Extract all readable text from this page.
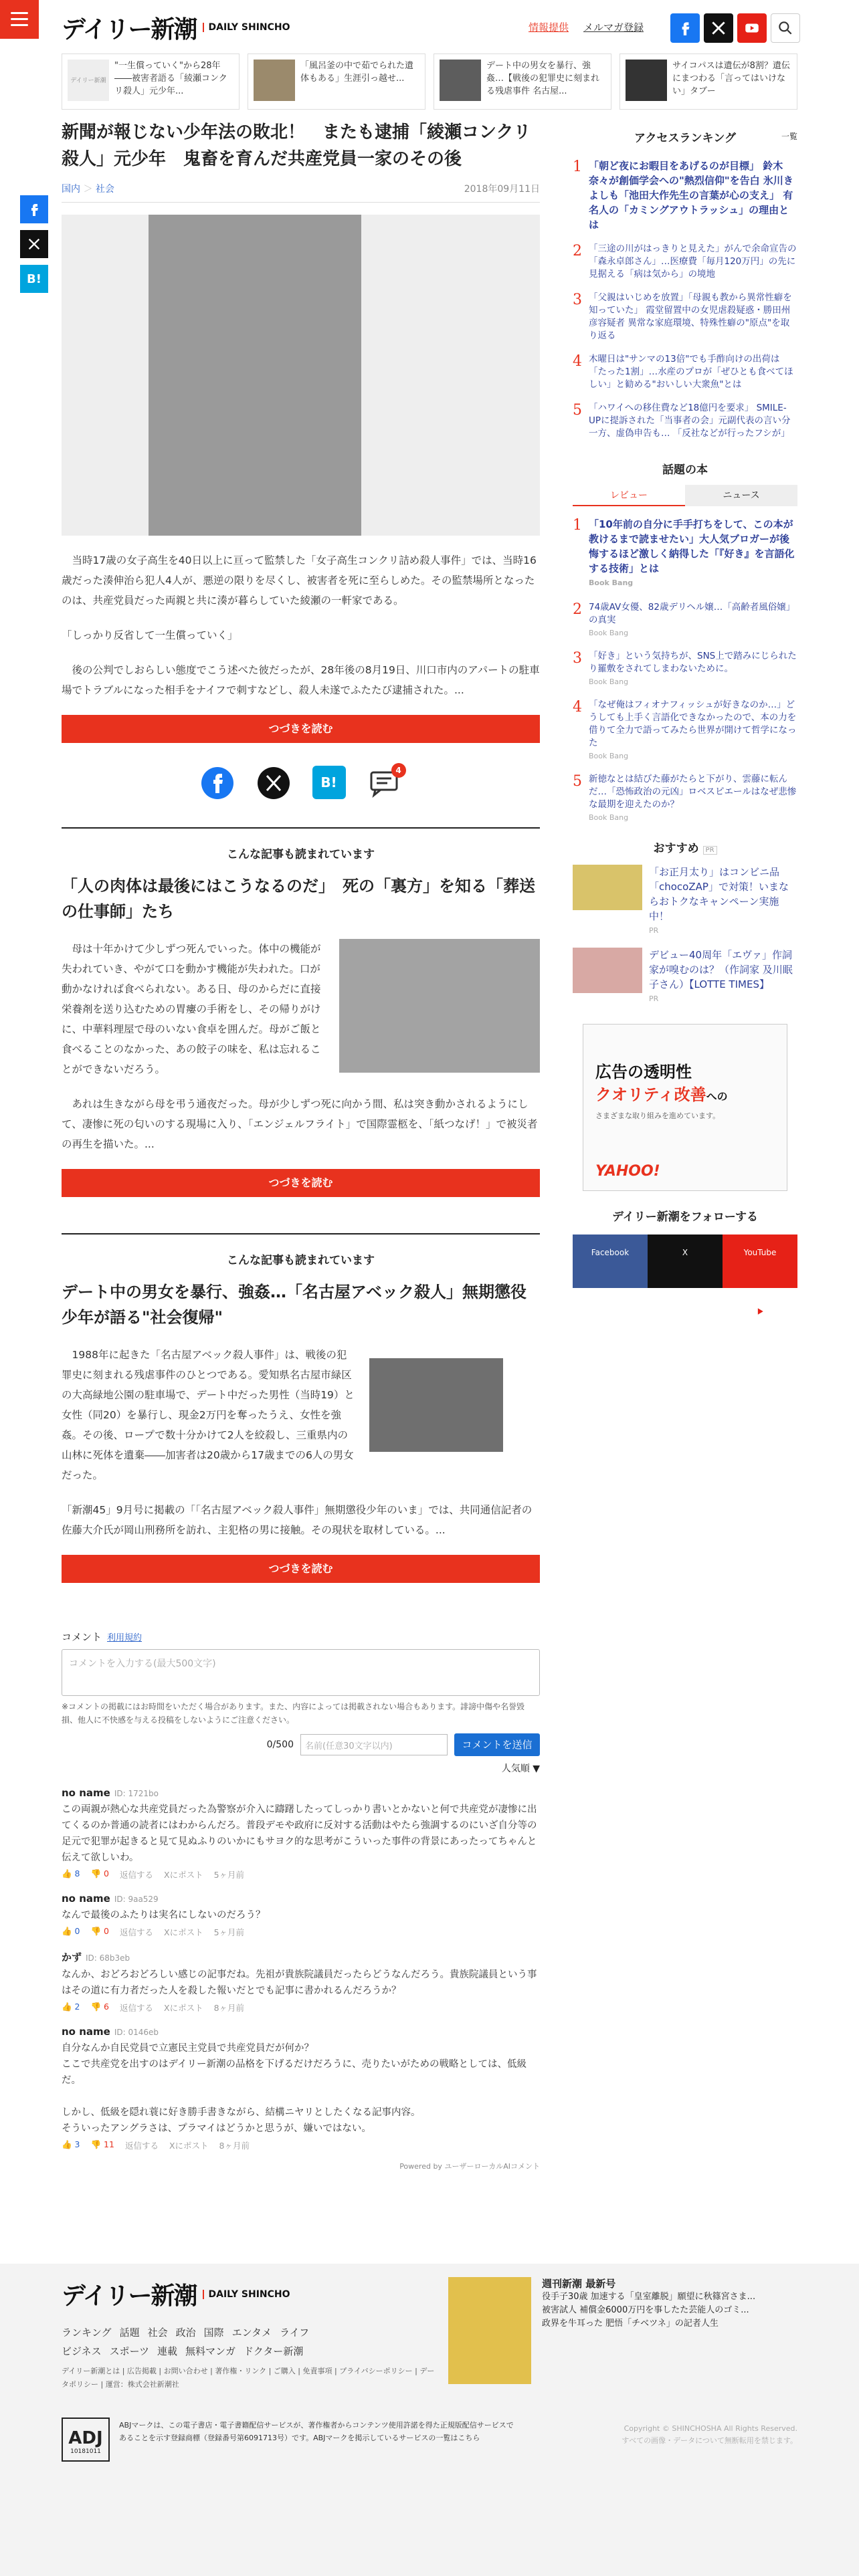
デイリー新潮	DAILY SHINCHO	情報提供 メルマガ登録
デイリー新潮
"一生償っていく"から28年――被害者語る「綾瀬コンクリ殺人」元少年...
「風呂釜の中で茹でられた遺体もある」生涯引っ越せ...
デート中の男女を暴行、強姦…【戦後の犯罪史に刻まれる残虐事件 名古屋...
サイコパスは遺伝が8割？遺伝にまつわる「言ってはいけない」タブー
B!
新聞が報じない少年法の敗北！　またも逮捕「綾瀬コンクリ殺人」元少年　鬼畜を育んだ共産党員一家のその後
国内 ＞ 社会	2018年09月11日

当時17歳の女子高生を40日以上に亘って監禁した「女子高生コンクリ詰め殺人事件」では、当時16歳だった湊伸治ら犯人4人が、悪逆の限りを尽くし、被害者を死に至らしめた。その監禁場所となったのは、共産党員だった両親と共に湊が暮らしていた綾瀬の一軒家である。

「しっかり反省して一生償っていく」

後の公判でしおらしい態度でこう述べた彼だったが、28年後の8月19日、川口市内のアパートの駐車場でトラブルになった相手をナイフで刺すなどし、殺人未遂でふたたび逮捕された。...

つづきを読む
B!
4
こんな記事も読まれています
「人の肉体は最後にはこうなるのだ」　死の「裏方」を知る「葬送の仕事師」たち

母は十年かけて少しずつ死んでいった。体中の機能が失われていき、やがて口を動かす機能が失われた。口が動かなければ食べられない。ある日、母のからだに直接栄養剤を送り込むための胃瘻の手術をし、その帰りがけに、中華料理屋で母のいない食卓を囲んだ。母がご飯と食べることのなかった、あの餃子の味を、私は忘れることができないだろう。

あれは生きながら母を弔う通夜だった。母が少しずつ死に向かう間、私は突き動かされるようにして、凄惨に死の匂いのする現場に入り、「エンジェルフライト」で国際霊柩を、「紙つなげ！」で被災者の再生を描いた。...

つづきを読む
こんな記事も読まれています
デート中の男女を暴行、強姦…「名古屋アベック殺人」無期懲役少年が語る"社会復帰"

1988年に起きた「名古屋アベック殺人事件」は、戦後の犯罪史に刻まれる残虐事件のひとつである。愛知県名古屋市緑区の大高緑地公園の駐車場で、デート中だった男性（当時19）と女性（同20）を暴行し、現金2万円を奪ったうえ、女性を強姦。その後、ロープで数十分かけて2人を絞殺し、三重県内の山林に死体を遺棄――加害者は20歳から17歳までの6人の男女だった。

「新潮45」9月号に掲載の「「名古屋アベック殺人事件」無期懲役少年のいま」では、共同通信記者の佐藤大介氏が岡山刑務所を訪れ、主犯格の男に接触。その現状を取材している。...

つづきを読む
コメント 利用規約
コメントを入力する(最大500文字)
※コメントの掲載にはお時間をいただく場合があります。また、内容によっては掲載されない場合もあります。誹謗中傷や名誉毀損、他人に不快感を与える投稿をしないようにご注意ください。
0/500	名前(任意30文字以内)	コメントを送信
人気順 ▼
no name ID: 1721bo
この両親が熱心な共産党員だった為警察が介入に躊躇したってしっかり書いとかないと何で共産党が凄惨に出てくるのか普通の読者にはわからんだろ。普段デモや政府に反対する活動はやたら強調するのにいざ自分等の足元で犯罪が起きると見て見ぬふりのいかにもサヨク的な思考がこういった事件の背景にあったってちゃんと伝えて欲しいわ。
👍 8 👎 0 返信する Xにポスト 5ヶ月前
no name ID: 9aa529
なんで最後のふたりは実名にしないのだろう？
👍 0 👎 0 返信する Xにポスト 5ヶ月前
かず ID: 68b3eb
なんか、おどろおどろしい感じの記事だね。先祖が貴族院議員だったらどうなんだろう。貴族院議員という事はその道に有力者だった人を殺した報いだとでも記事に書かれるんだろうか？
👍 2 👎 6 返信する Xにポスト 8ヶ月前
no name ID: 0146eb
自分なんか自民党員で立憲民主党員で共産党員だが何か？
ここで共産党を出すのはデイリー新潮の品格を下げるだけだろうに、売りたいがための戦略としては、低級だ。

しかし、低級を隠れ蓑に好き勝手書きながら、結構ニヤリとしたくなる記事内容。
そういったアングラさは、プラマイはどうかと思うが、嫌いではない。
👍 3 👎 11 返信する Xにポスト 8ヶ月前
Powered by ユーザーローカルAIコメント
アクセスランキング	一覧
1 「朝ど夜にお暇目をあげるのが目標」 鈴木奈々が創価学会への"熱烈信仰"を告白 氷川きよしも「池田大作先生の言葉が心の支え」 有名人の「カミングアウトラッシュ」の理由とは
2 「三途の川がはっきりと見えた」がんで余命宣告の「森永卓郎さん」…医療費「毎月120万円」の先に見据える「病は気から」の境地
3 「父親はいじめを放置」「母親も教から異常性癖を知っていた」 霞堂留置中の女児虐殺疑惑・勝田州彦容疑者 異常な家庭環境、特殊性癖の"原点"を取り返る
4 木曜日は"サンマの13倍"でも手酢向けの出荷は「たった1割」…水産のプロが「ぜひとも食べてほしい」と勧める"おいしい大衆魚"とは
5 「ハワイへの移住費など18億円を要求」 SMILE-UPに提訴された「当事者の会」元副代表の言い分 一方、虚偽申告も… 「反社などが行ったフシが」
話題の本
レビュー	ニュース
1 「10年前の自分に手手打ちをして、この本が教けるまで読ませたい」大人気ブロガーが後悔するほど激しく納得した「『好き』を言語化する技術」とは
Book Bang
2 74歳AV女優、82歳デリヘル嬢…「高齢者風俗嬢」の真実
Book Bang
3 「好き」という気持ちが、SNS上で踏みにじられたり羅敷をされてしまわないために。
Book Bang
4 「なぜ俺はフィオナフィッシュが好きなのか…」どうしても上手く言語化できなかったので、本の力を借りて全力で語ってみたら世界が開けて哲学になった
Book Bang
5 新徳なとは結びた藤がたらと下がり、雲藤に転んだ…「恐怖政治の元凶」ロベスピエールはなぜ悲惨な最期を迎えたのか？
Book Bang
おすすめ PR
「お正月太り」はコンビニ品「chocoZAP」で対策！いまならおトクなキャンペーン実施中！
PR
デビュー40周年「エヴァ」作詞家が嗅むのは？（作詞家 及川眠子さん）【LOTTE TIMES】
PR
広告の透明性
クオリティ改善への
さまざまな取り組みを進めています。
YAHOO!
デイリー新潮をフォローする
Facebook	X	YouTube
デイリー新潮	DAILY SHINCHO
ランキング 話題 社会 政治 国際 エンタメ ライフ
ビジネス スポーツ 連載 無料マンガ ドクター新潮
デイリー新潮とは | 広告掲載 | お問い合わせ | 著作権・リンク | ご購入 | 免責事項 | プライバシーポリシー | データポリシー | 運営：株式会社新潮社
週刊新潮 最新号
役手子30歳 加速する「皇室離脱」願望に秋篠宮さま...
被害試人 補償金6000万円を事したた芸能人のゴミ...
政界を牛耳った 肥悟「チベツネ」の記者人生
ADJ
10181011
ABJマークは、この電子書店・電子書籍配信サービスが、著作権者からコンテンツ使用許諾を得た正規版配信サービスであることを示す登録商標（登録番号第6091713号）です。ABJマークを掲示しているサービスの一覧はこちら
Copyright © SHINCHOSHA All Rights Reserved.
すべての画像・データについて無断転用を禁じます。
